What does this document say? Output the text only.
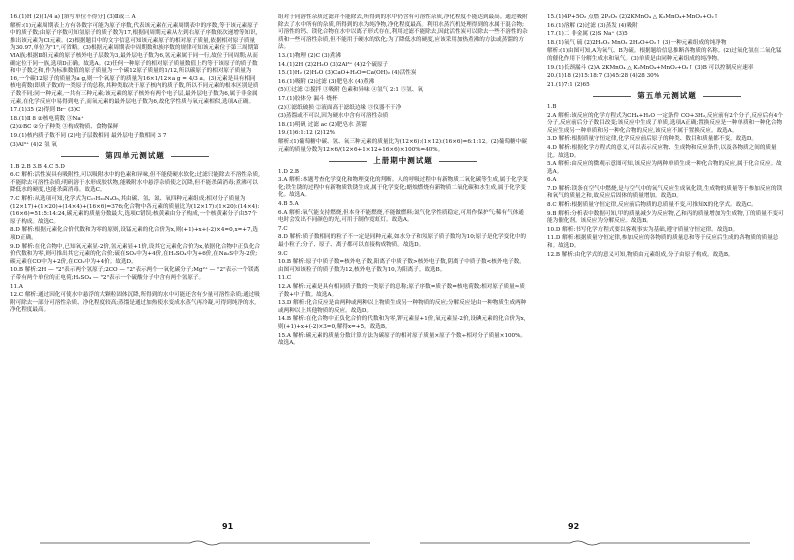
16.(1)H (2)(1/4 a) [填写单位不得分] (3)Ⅱ或三 A

解析:(1)元素周期表上方有各数字可能为原子序数,代表该元素在元素周期表中的序数,等于该元素原子中的质子数;由原子序数可知氢原子的质子数为17,根据同周期元素从左到右原子序数依次递增等知识,推出该元素为Cl元素。(2)根据题目中的文字信息可知该元素原子的相对原子质量,依据相对原子质量为30.97,单位为"1",可省略。(3)根据元素周期表中周期数和族序数的规律可知该元素位于第三周期第ⅥA族;根据Ⅱ组元素的原子核外电子层数为3,最外层电子数为6,氢元素属于同一行,故位于同周期;从而确定位于同一族,选项D正确。故选A。(2)任何一种原子的相对原子质量数值上约等于该原子的质子数和中子数之和,作为标准数值的原子质量为一个碳12原子质量的1/12,所以碳原子的相对原子质量为16,一个碳12原子的质量为a g,则一个氧原子的质量为16×1/12×a g = 4/3 a。(3)元素是具有相同核电荷数(即质子数)的一类原子的总称,其种类取决于原子核内的质子数,所以不同元素的根本区别是质子数不同;同一种元素,一共有三种元素;该元素的原子核外有两个电子层,最外层电子数为6,属于非金属元素,在化学反应中易得到电子,而氧元素的最外层电子数为6,故化学性质与氧元素相似,选项A正确。

17.(1)35 (2)得到 Br⁻ (3)C

18.(1)Ⅱ 8 ②核电荷数 ③Na⁺

(2)①BC ②分子种类 ③构成物质、食物保鲜

19.(1)核内质子数不同 (2)电子层数相同 最外层电子数相同 3 7

(3)Al³⁺ (4)2 氢 氧

第四单元测试题

1.B 2.B 3.B 4.C 5.D

6.C 解析:活性炭具有吸附性,可以吸附水中的色素和异味,但不能使硬水软化;过滤只能除去不溶性杂质,不能除去可溶性杂质;明矾溶于水形成胶状物,能吸附水中悬浮杂质使之沉降,但不能杀菌消毒;煮沸可以降低水的硬度,也能杀菌消毒。故选C。

7.C 解析:从选项可知,化学式为C₁₇H₂₀N₄O₆,其由碳、氢、氮、氧四种元素组成;相对分子质量为(12×17)+(1×20)+(14×4)+(16×6)=376;化合物中各元素的质量比为(12×17):(1×20):(14×4):(16×6)=51:5:14:24,碳元素的质量分数最大,选项C错误;核黄素由分子构成,一个核黄素分子由57个原子构成。故选C。

8.D 解析:根据元素化合价代数和为零的原则,设锰元素的化合价为x,则(+1)+x+(-2)×4=0,x=+7,选项D正确。

9.D 解析:在化合物中,已知氧元素显-2价,氢元素显+1价,设其它元素化合价为x,依据化合物中正负化合价代数和为零,则可推出其它元素的化合价;硫在SO₂中为+4价,在H₂SO₄中为+6价,在Na₂S中为-2价;碳元素在CO中为+2价,在CO₂中为+4价。故选D。

10.B 解析:2H — "2"表示两个氢原子;2CO — "2"表示两个一氧化碳分子;Mg²⁺ — "2"表示一个镁离子带有两个单位的正电荷;H₂SO₄ — "2"表示一个硫酸分子中含有两个氢原子。

11.A

12.C 解析:通过因化可使水中悬浮的大颗粒固体沉降,所得到的水中可能还含有少量可溶性杂质;通过吸附可除去一部分可溶性杂质、净化程度较高;蒸馏是通过加热使水变成水蒸气再冷凝,可得到纯净的水,净化程度最高。

组对于同溶性杂质过滤并不能除去,所得到的水中仍含有可溶性杂质,净化程度不能达到最高。通过吸附除去了水中所有的杂质,所得到的水为纯净物,净化程度最高。利用水蒸汽机处理得到的水属于混合物;可溶性的钙、镁化合物在水中以离子形式存在,利用过滤不能除去,因此活性炭可以除去一些不溶性的杂质和一些可溶性杂质,但不能用于硬水的软化;为了降低水的硬度,应该采用加热煮沸的方法或蒸馏的方法。

13.(1)物理 (2)C (3)煮沸

14.(1)2H (2)2H₂O (3)2Al³⁺ (4)2个硫原子

15.(1)H₂ (2)H₂O (3)CaO+H₂O=Ca(OH)₂ (4)活性炭

16.(1)吸附 (2)过滤 (3)肥皂水 (4)煮沸

(5)①过滤 ②搅拌 ③吸附 色素和异味 ④氢气 2:1 ⑤氢、氧

17.(1)胶体分 漏斗 烧杯

(2)①滤纸破损 ②液面高于滤纸边缘 ③仪器不干净

(3)蒸馏或不可以,因为硬水中含有可溶性杂质

18.(1)明矾 过滤 ac (2)肥皂水 蒸馏

19.(1)6:1:12 (2)12%

解析:(1)葡萄糖中碳、氢、氧三种元素的质量比为(12×6):(1×12):(16×6)=6:1:12。(2)葡萄糖中碳元素的质量分数为12×6/(12×6+1×12+16×6)×100%=40%。

上册期中测试题

1.D 2.B

3.A 解析:本题考查化学变化和物理变化的判断。人的呼吸过程中有新物质二氧化碳等生成,属于化学变化;铁生锈的过程中有新物质铁锈生成,属于化学变化;蜡烛燃烧有新物质二氧化碳和水生成,属于化学变化。故选A。

4.B 5.A

6.A 解析:氧气能支持燃烧,但本身不能燃烧,不能做燃料;氮气化学性质稳定,可用作保护气;稀有气体通电时会发出不同颜色的光,可用于制作霓虹灯。故选A。

7.C

8.D 解析:质子数相同的粒子不一定是同种元素,如水分子和氖原子质子数均为10;原子是化学变化中的最小粒子;分子、原子、离子都可以直接构成物质。故选D。

9.C

10.B 解析:原子中质子数=核外电子数,阳离子中质子数>核外电子数,阴离子中质子数<核外电子数。由图可知该粒子的质子数为12,核外电子数为10,为阳离子。故选B。

11.C

12.A 解析:元素是具有相同质子数的一类原子的总称;原子序数=质子数=核电荷数;相对原子质量≈质子数+中子数。故选A。

13.D 解析:化合反应是由两种或两种以上物质生成另一种物质的反应;分解反应是由一种物质生成两种或两种以上其他物质的反应。故选D。

14.B 解析:在化合物中正负化合价的代数和为零,钾元素显+1价,氧元素显-2价,设碘元素的化合价为x,则(+1)+x+(-2)×3=0,解得x=+5。故选B。

15.A 解析:碳元素的质量分数计算方法为碳原子的相对原子质量×原子个数÷相对分子质量×100%。故选A。

15.(1)4P+5O₂ 点燃 2P₂O₅ (2)2KMnO₄ △ K₂MnO₄+MnO₂+O₂↑

16.(1)溶解 (2)过滤 (3)蒸发 (4)吸附

17.(1)二 非金属 (2)S Na⁺ (3)5

18.(1)氧气 硫 (2)2H₂O₂ MnO₂ 2H₂O+O₂↑ (3)一种元素组成的纯净物

解析:(1)由图可知,A为氧气、B为硫。根据题给信息推断各物质的名称。(2)过氧化氢在二氧化锰的催化作用下分解生成水和氧气。(3)单质是由同种元素组成的纯净物。

19.(1)长颈漏斗 (2)A 2KMnO₄ △ K₂MnO₄+MnO₂+O₂↑ (3)B 可以控制反应速率

20.(1)18 (2)15:18:7 (3)45:28 (4)28 30%

21.(1)7:1 (2)65

第五单元测试题

1.B

2.A 解析:该反应的化学方程式为CH₄+H₂O 一定条件 CO+3H₂,反应前有2个分子,反应后有4个分子,反应前后分子数目改变;该反应中生成了单质,选项A正确;置换反应是一种单质和一种化合物反应生成另一种单质和另一种化合物的反应,该反应不属于置换反应。故选A。

3.D 解析:根据质量守恒定律,化学反应前后原子的种类、数目和质量都不变。故选D。

4.D 解析:根据化学方程式的意义,可以表示反应物、生成物和反应条件,以及各物质之间的质量比。故选D。

5.A 解析:由反应的微观示意图可知,该反应为两种单质生成一种化合物的反应,属于化合反应。故选A。

6.A

7.D 解析:镁条在空气中燃烧,是与空气中的氧气反应生成氧化镁,生成物的质量等于参加反应的镁和氧气的质量之和,故反应后固体的质量增加。故选D。

8.C 解析:根据质量守恒定律,反应前后物质的总质量不变,可推知X的化学式。故选C。

9.B 解析:分析表中数据可知,甲的质量减少为反应物,乙和丙的质量增加为生成物,丁的质量不变可能为催化剂。该反应为分解反应。故选B。

10.D 解析:书写化学方程式要以客观事实为基础,遵守质量守恒定律。故选D。

11.D 解析:根据质量守恒定律,参加反应的各物质的质量总和等于反应后生成的各物质的质量总和。故选D。

12.B 解析:由化学式的意义可知,物质由元素组成,分子由原子构成。故选B。

91	92
